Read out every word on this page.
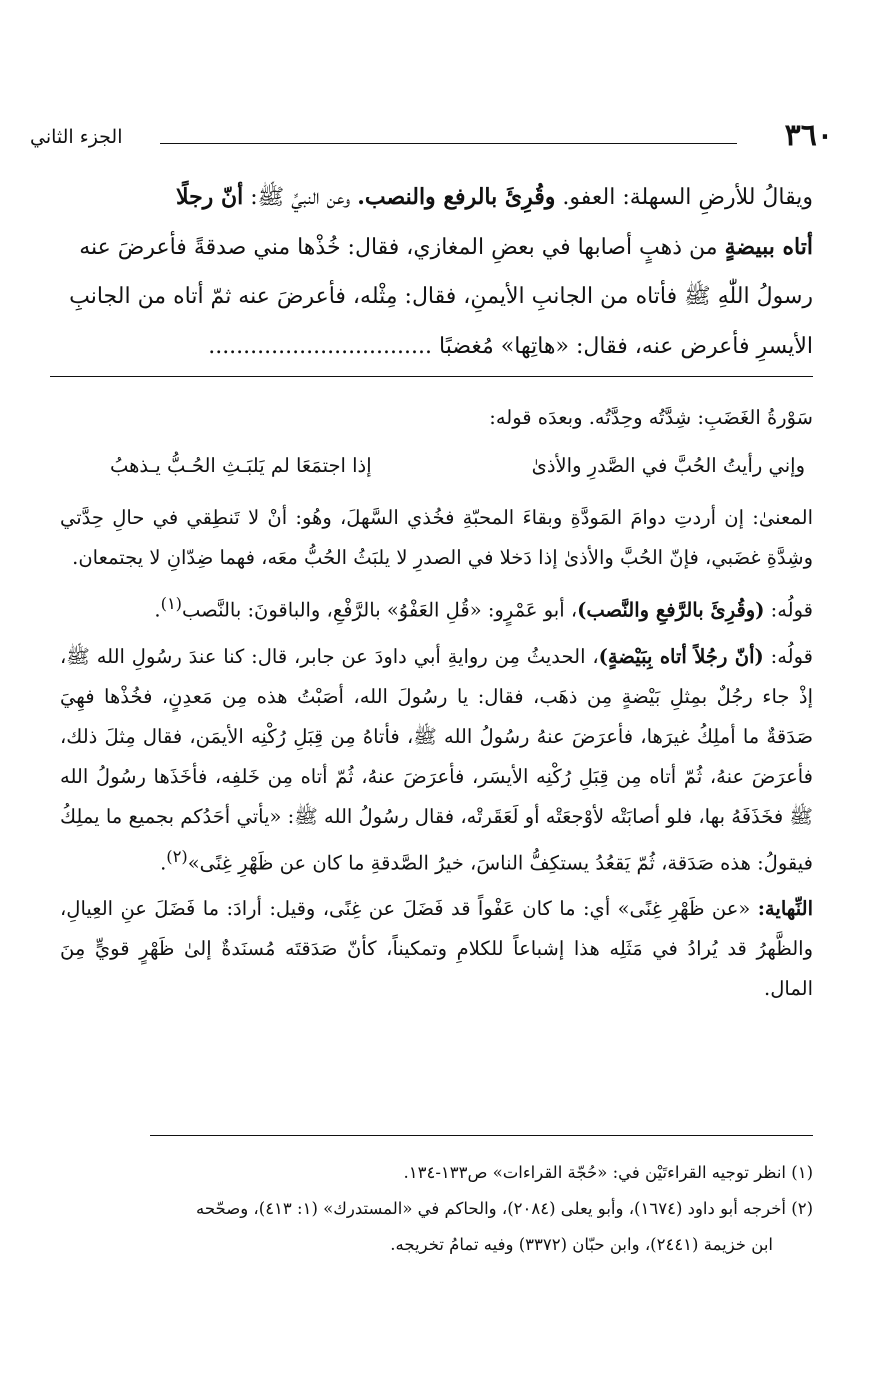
٣٦٠
الجزء الثاني
ويقالُ للأرضِ السهلة: العفو. وقُرِئَ بالرفع والنصب. وعن النبيِّ ﷺ: أنّ رجلًا
أتاه ببيضةٍ من ذهبٍ أصابها في بعضِ المغازي، فقال: خُذْها مني صدقةً فأعرضَ عنه
رسولُ اللّٰهِ ﷺ فأتاه من الجانبِ الأيمنِ، فقال: مِثْله، فأعرضَ عنه ثمّ أتاه من الجانبِ
الأيسرِ فأعرض عنه، فقال: «هاتِها» مُغضبًا ................................

سَوْرةُ الغَضَبِ: شِدَّتُه وحِدَّتُه. وبعدَه قوله:

وإني رأيتُ الحُبَّ في الصَّدرِ والأذىٰ
إذا اجتمَعَا لم يَلبَـثِ الحُـبُّ يـذهبُ

المعنىٰ: إن أردتِ دوامَ المَودَّةِ وبقاءَ المحبّةِ فخُذي السَّهلَ، وهُو: أنْ لا تَنطِقي في حالِ حِدَّتي وشِدَّةِ غضَبي، فإنّ الحُبَّ والأذىٰ إذا دَخلا في الصدرِ لا يلبَثُ الحُبُّ معَه، فهما ضِدّانِ لا يجتمعان.

قولُه: (وقُرِئَ بالرَّفعِ والنَّصب)، أبو عَمْرٍو: «قُلِ العَفْوُ» بالرَّفْعِ، والباقونَ: بالنَّصب$^{(١)}$.

قولُه: (أنّ رجُلاً أتاه بِبَيْضةٍ)، الحديثُ مِن روايةِ أبي داودَ عن جابر، قال: كنا عندَ رسُولِ الله ﷺ، إذْ جاء رجُلٌ بمِثلِ بَيْضةٍ مِن ذهَب، فقال: يا رسُولَ الله، أصَبْتُ هذه مِن مَعدِنٍ، فخُذْها فهِيَ صَدَقةٌ ما أملِكُ غيرَها، فأعرَضَ عنهُ رسُولُ الله ﷺ، فأتاهُ مِن قِبَلِ رُكْنِه الأيمَن، فقال مِثلَ ذلك، فأعرَضَ عنهُ، ثُمّ أتاه مِن قِبَلِ رُكْنِه الأيسَر، فأعرَضَ عنهُ، ثُمّ أتاه مِن خَلفِه، فأخَذَها رسُولُ الله ﷺ فخَذَفَهُ بها، فلو أصابَتْه لأوْجعَتْه أو لَعَقَرتْه، فقال رسُولُ الله ﷺ: «يأتي أحَدُكم بجميع ما يملِكُ فيقولُ: هذه صَدَقة، ثُمّ يَقعُدُ يستكِفُّ الناسَ، خيرُ الصَّدقةِ ما كان عن ظَهْرِ غِنًى»$^{(٢)}$.

النِّهاية: «عن ظَهْرِ غِنًى» أي: ما كان عَفْواً قد فَضَلَ عن غِنًى، وقيل: أرادَ: ما فَضَلَ عنِ العِيالِ، والظَّهرُ قد يُرادُ في مَثَلِه هذا إشباعاً للكلامِ وتمكيناً، كأنّ صَدَقتَه مُسنَدةٌ إلىٰ ظَهْرٍ قويٍّ مِنَ المال.

(١) انظر توجيه القراءتَيْن في: «حُجّة القراءات» ص١٣٣-١٣٤.

(٢) أخرجه أبو داود (١٦٧٤)، وأبو يعلى (٢٠٨٤)، والحاكم في «المستدرك» (١: ٤١٣)، وصحّحه

ابن خزيمة (٢٤٤١)، وابن حبّان (٣٣٧٢) وفيه تمامُ تخريجه.
